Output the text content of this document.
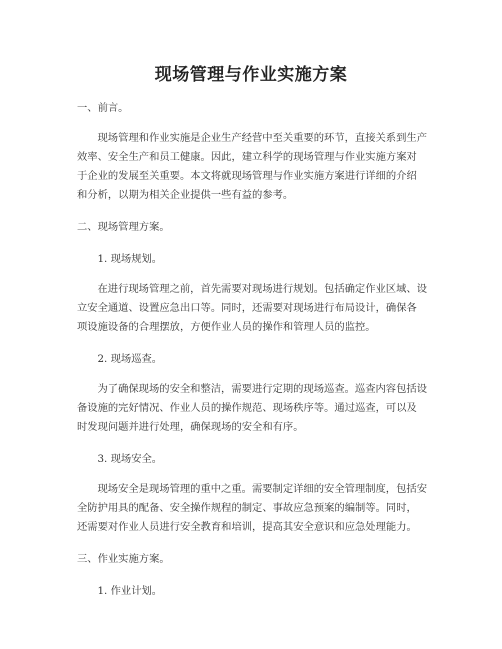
现场管理与作业实施方案

一、前言。

现场管理和作业实施是企业生产经营中至关重要的环节，直接关系到生产效率、安全生产和员工健康。因此，建立科学的现场管理与作业实施方案对于企业的发展至关重要。本文将就现场管理与作业实施方案进行详细的介绍和分析，以期为相关企业提供一些有益的参考。

二、现场管理方案。

1. 现场规划。

在进行现场管理之前，首先需要对现场进行规划。包括确定作业区域、设立安全通道、设置应急出口等。同时，还需要对现场进行布局设计，确保各项设施设备的合理摆放，方便作业人员的操作和管理人员的监控。

2. 现场巡查。

为了确保现场的安全和整洁，需要进行定期的现场巡查。巡查内容包括设备设施的完好情况、作业人员的操作规范、现场秩序等。通过巡查，可以及时发现问题并进行处理，确保现场的安全和有序。

3. 现场安全。

现场安全是现场管理的重中之重。需要制定详细的安全管理制度，包括安全防护用具的配备、安全操作规程的制定、事故应急预案的编制等。同时，还需要对作业人员进行安全教育和培训，提高其安全意识和应急处理能力。

三、作业实施方案。

1. 作业计划。
